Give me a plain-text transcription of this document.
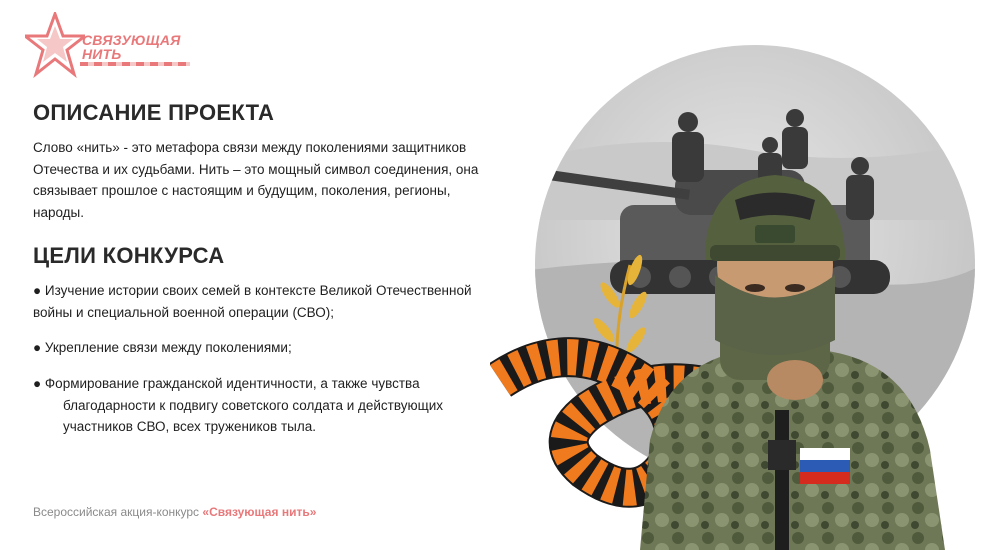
СВЯЗУЮЩАЯ
НИТЬ
ОПИСАНИЕ ПРОЕКТА

Слово «нить» - это метафора связи между поколениями защитников Отечества и их судьбами. Нить – это мощный символ соединения, она связывает прошлое с настоящим и будущим, поколения, регионы, народы.

ЦЕЛИ КОНКУРСА

● Изучение истории своих семей в контексте Великой Отечественной войны и специальной военной операции (СВО);

● Укрепление связи между поколениями;

● Формирование гражданской идентичности, а также чувства
благодарности к подвигу советского солдата и действующих участников СВО, всех тружеников тыла.

Всероссийская акция-конкурс «Связующая нить»
